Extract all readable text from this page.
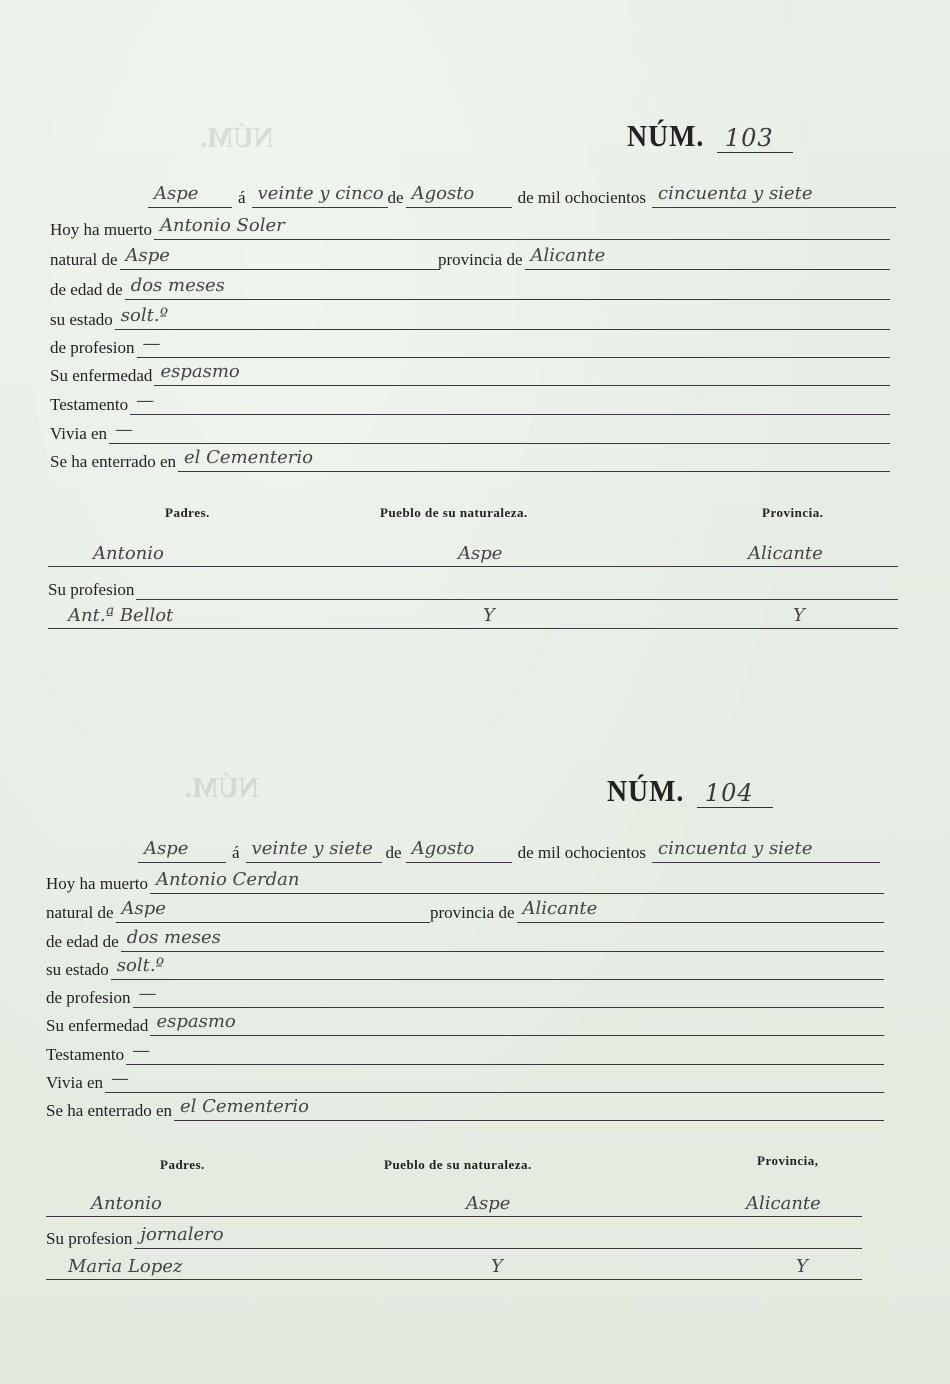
NÚM.	NÚM. 103
Aspe	á veinte y cinco de Agosto	de mil ochocientos cincuenta y siete
Hoy ha muerto Antonio Soler
natural de Aspe	provincia de Alicante
de edad de dos meses
su estado solt.º
de profesion —
Su enfermedad espasmo
Testamento —
Vivia en —
Se ha enterrado en el Cementerio
Padres.	Pueblo de su naturaleza.	Provincia.
Antonio	Aspe	Alicante
Su profesion
Ant.ª Bellot	Y	Y
NÚM.	NÚM. 104
Aspe	á veinte y siete de Agosto	de mil ochocientos cincuenta y siete
Hoy ha muerto Antonio Cerdan
natural de Aspe	provincia de Alicante
de edad de dos meses
su estado solt.º
de profesion —
Su enfermedad espasmo
Testamento —
Vivia en —
Se ha enterrado en el Cementerio
Padres.	Pueblo de su naturaleza.	Provincia,
Antonio	Aspe	Alicante
Su profesion jornalero
Maria Lopez	Y	Y
